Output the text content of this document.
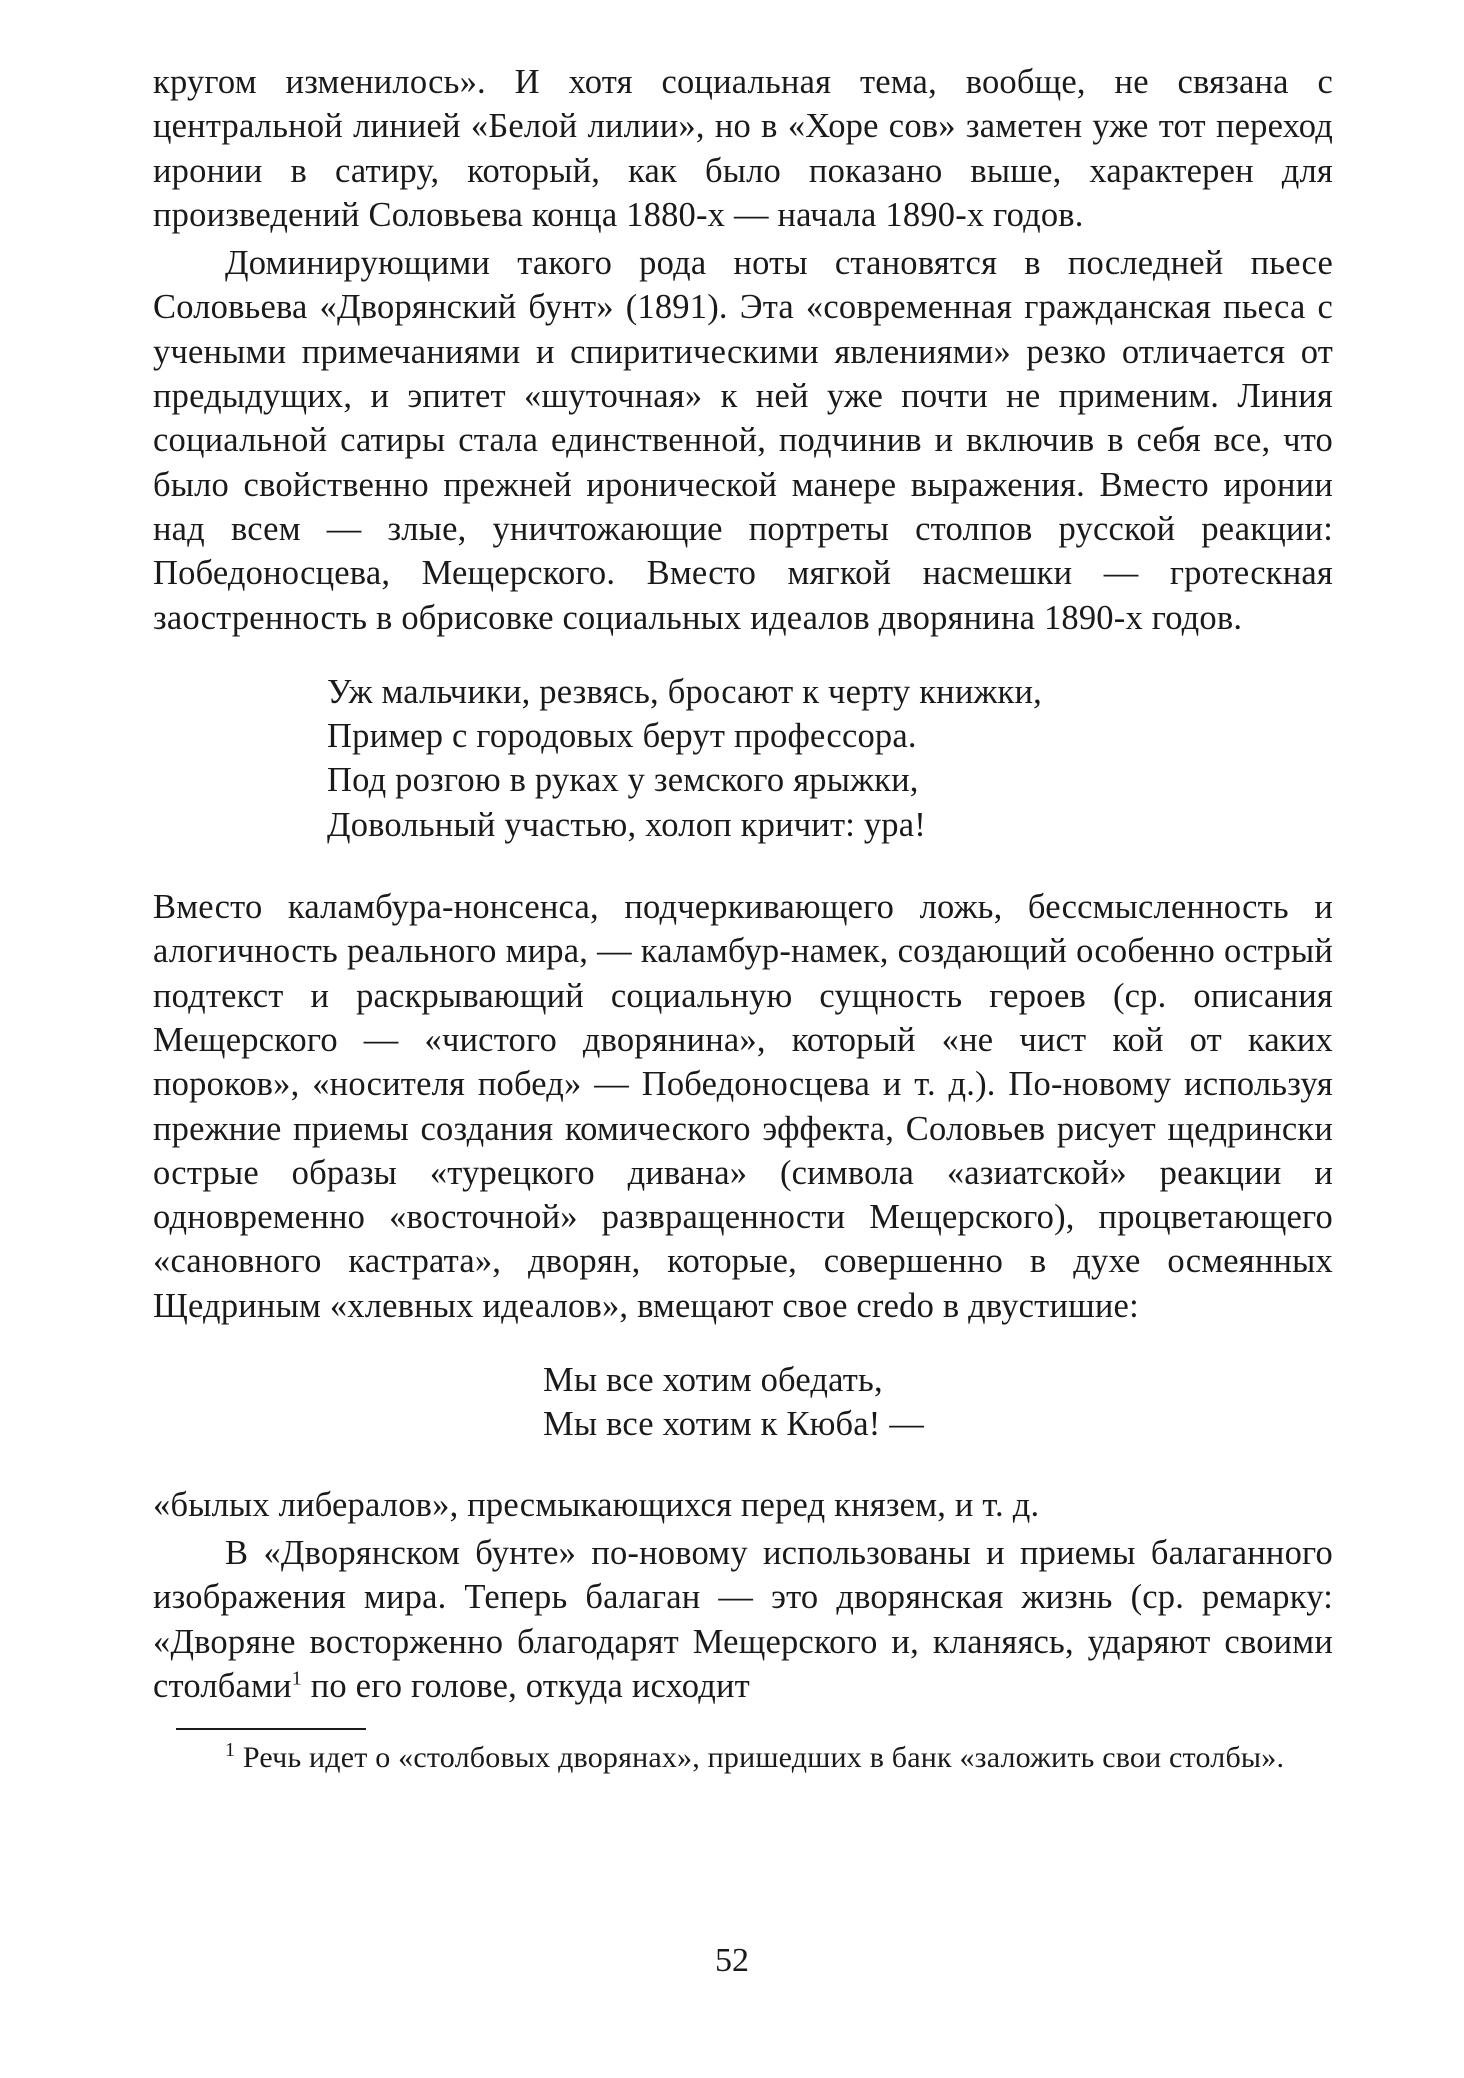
кругом изменилось». И хотя социальная тема, вообще, не связана с центральной линией «Белой лилии», но в «Хоре сов» заметен уже тот переход иронии в сатиру, который, как было показано выше, характерен для произведений Соловьева конца 1880-х — начала 1890-х годов.

Доминирующими такого рода ноты становятся в последней пьесе Соловьева «Дворянский бунт» (1891). Эта «современная гражданская пьеса с учеными примечаниями и спиритическими явлениями» резко отличается от предыдущих, и эпитет «шуточная» к ней уже почти не применим. Линия социальной сатиры стала единственной, подчинив и включив в себя все, что было свойственно прежней ироничеcкой манере выражения. Вместо иронии над всем — злые, уничтожающие портреты столпов русской реакции: Победоносцева, Мещерского. Вместо мягкой насмешки — гротескная заостренность в обрисовке социальных идеалов дворянина 1890-х годов.

Уж мальчики, резвясь, бросают к черту книжки,
Пример с городовых берут профессора.
Под розгою в руках у земского ярыжки,
Довольный участью, холоп кричит: ура!

Вместо каламбура-нонсенса, подчеркивающего ложь, бессмысленность и алогичность реального мира, — каламбур-намек, создающий особенно острый подтекст и раскрывающий социальную сущность героев (ср. описания Мещерского — «чистого дворянина», который «не чист кой от каких пороков», «носителя побед» — Победоносцева и т. д.). По-новому используя прежние приемы создания комического эффекта, Соловьев рисует щедрински острые образы «турецкого дивана» (символа «азиатской» реакции и одновременно «восточной» развращенности Мещерского), процветающего «сановного кастрата», дворян, которые, совершенно в духе осмеянных Щедриным «хлевных идеалов», вмещают свое credo в двустишие:

Мы все хотим обедать,
Мы все хотим к Кюба! —

«былых либералов», пресмыкающихся перед князем, и т. д.

В «Дворянском бунте» по-новому использованы и приемы балаганного изображения мира. Теперь балаган — это дворянская жизнь (ср. ремарку: «Дворяне восторженно благодарят Мещерского и, кланяясь, ударяют своими столбами$^1$ по его голове, откуда исходит

$^1$ Речь идет о «столбовых дворянах», пришедших в банк «заложить свои столбы».

52
